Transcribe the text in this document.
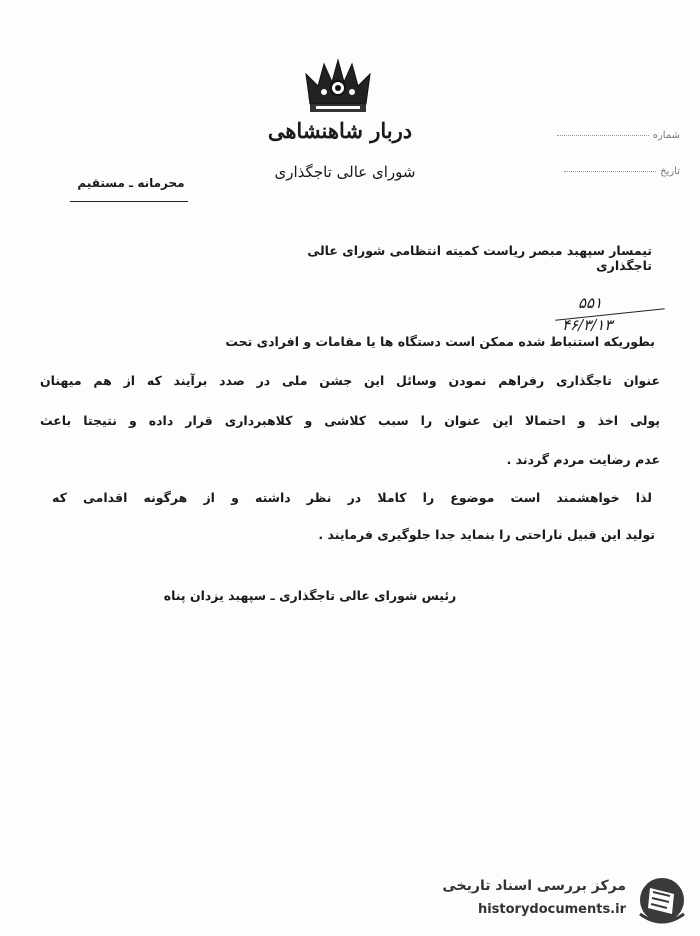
دربار شاهنشاهی
شورای عالی تاجگذاری
شماره
تاریخ
محرمانه ـ مستقیم
تیمسار سپهبد مبصر ریاست کمیته انتظامی شورای عالی تاجگذاری
۵۵۱
۴۶/۳/۱۳
بطوریکه استنباط شده ممکن است دستگاه ها یا مقامات و افرادی تحت
عنوان تاجگذاری رفراهم نمودن وسائل این جشن ملی در صدد برآیند که از هم میهنان
پولی اخذ و احتمالا این عنوان را سبب کلاشی و کلاهبرداری قرار داده و نتیجتا باعث
عدم رضایت مردم گردند .
لذا خواهشمند است موضوع را کاملا در نظر داشته و از هرگونه اقدامی که
تولید این قبیل ناراحتی را بنماید جدا جلوگیری فرمایند .
رئیس شورای عالی تاجگذاری ـ سپهبد یزدان پناه
مرکز بررسی اسناد تاریخی
historydocuments.ir
